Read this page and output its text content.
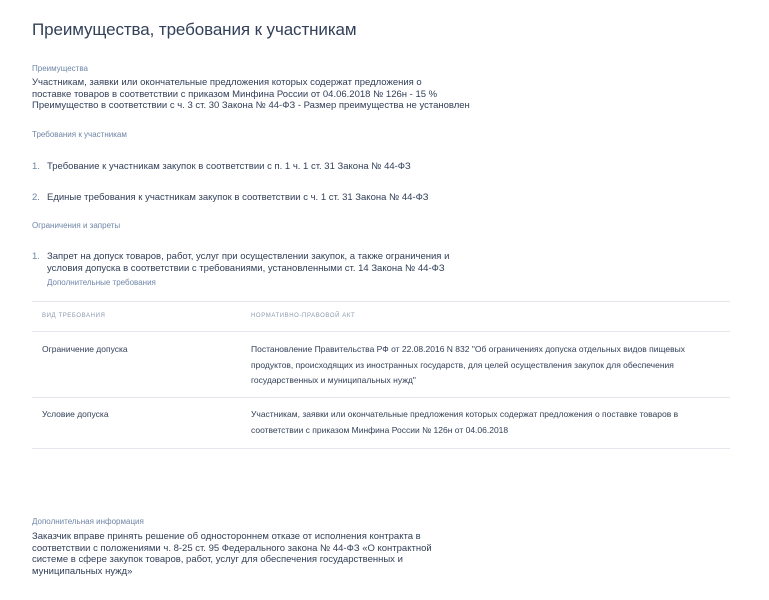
Преимущества, требования к участникам
Преимущества
Участникам, заявки или окончательные предложения которых содержат предложения о
поставке товаров в соответствии с приказом Минфина России от 04.06.2018 № 126н - 15 %
Преимущество в соответствии с ч. 3 ст. 30 Закона № 44-ФЗ - Размер преимущества не установлен
Требования к участникам
1. Требование к участникам закупок в соответствии с п. 1 ч. 1 ст. 31 Закона № 44-ФЗ
2. Единые требования к участникам закупок в соответствии с ч. 1 ст. 31 Закона № 44-ФЗ
Ограничения и запреты
1. Запрет на допуск товаров, работ, услуг при осуществлении закупок, а также ограничения и
условия допуска в соответствии с требованиями, установленными ст. 14 Закона № 44-ФЗ
Дополнительные требования
ВИД ТРЕБОВАНИЯ	НОРМАТИВНО-ПРАВОВОЙ АКТ
Ограничение допуска	Постановление Правительства РФ от 22.08.2016 N 832 "Об ограничениях допуска отдельных видов пищевых
продуктов, происходящих из иностранных государств, для целей осуществления закупок для обеспечения
государственных и муниципальных нужд"
Условие допуска	Участникам, заявки или окончательные предложения которых содержат предложения о поставке товаров в
соответствии с приказом Минфина России № 126н от 04.06.2018
Дополнительная информация
Заказчик вправе принять решение об одностороннем отказе от исполнения контракта в
соответствии с положениями ч. 8-25 ст. 95 Федерального закона № 44-ФЗ «О контрактной
системе в сфере закупок товаров, работ, услуг для обеспечения государственных и
муниципальных нужд»
